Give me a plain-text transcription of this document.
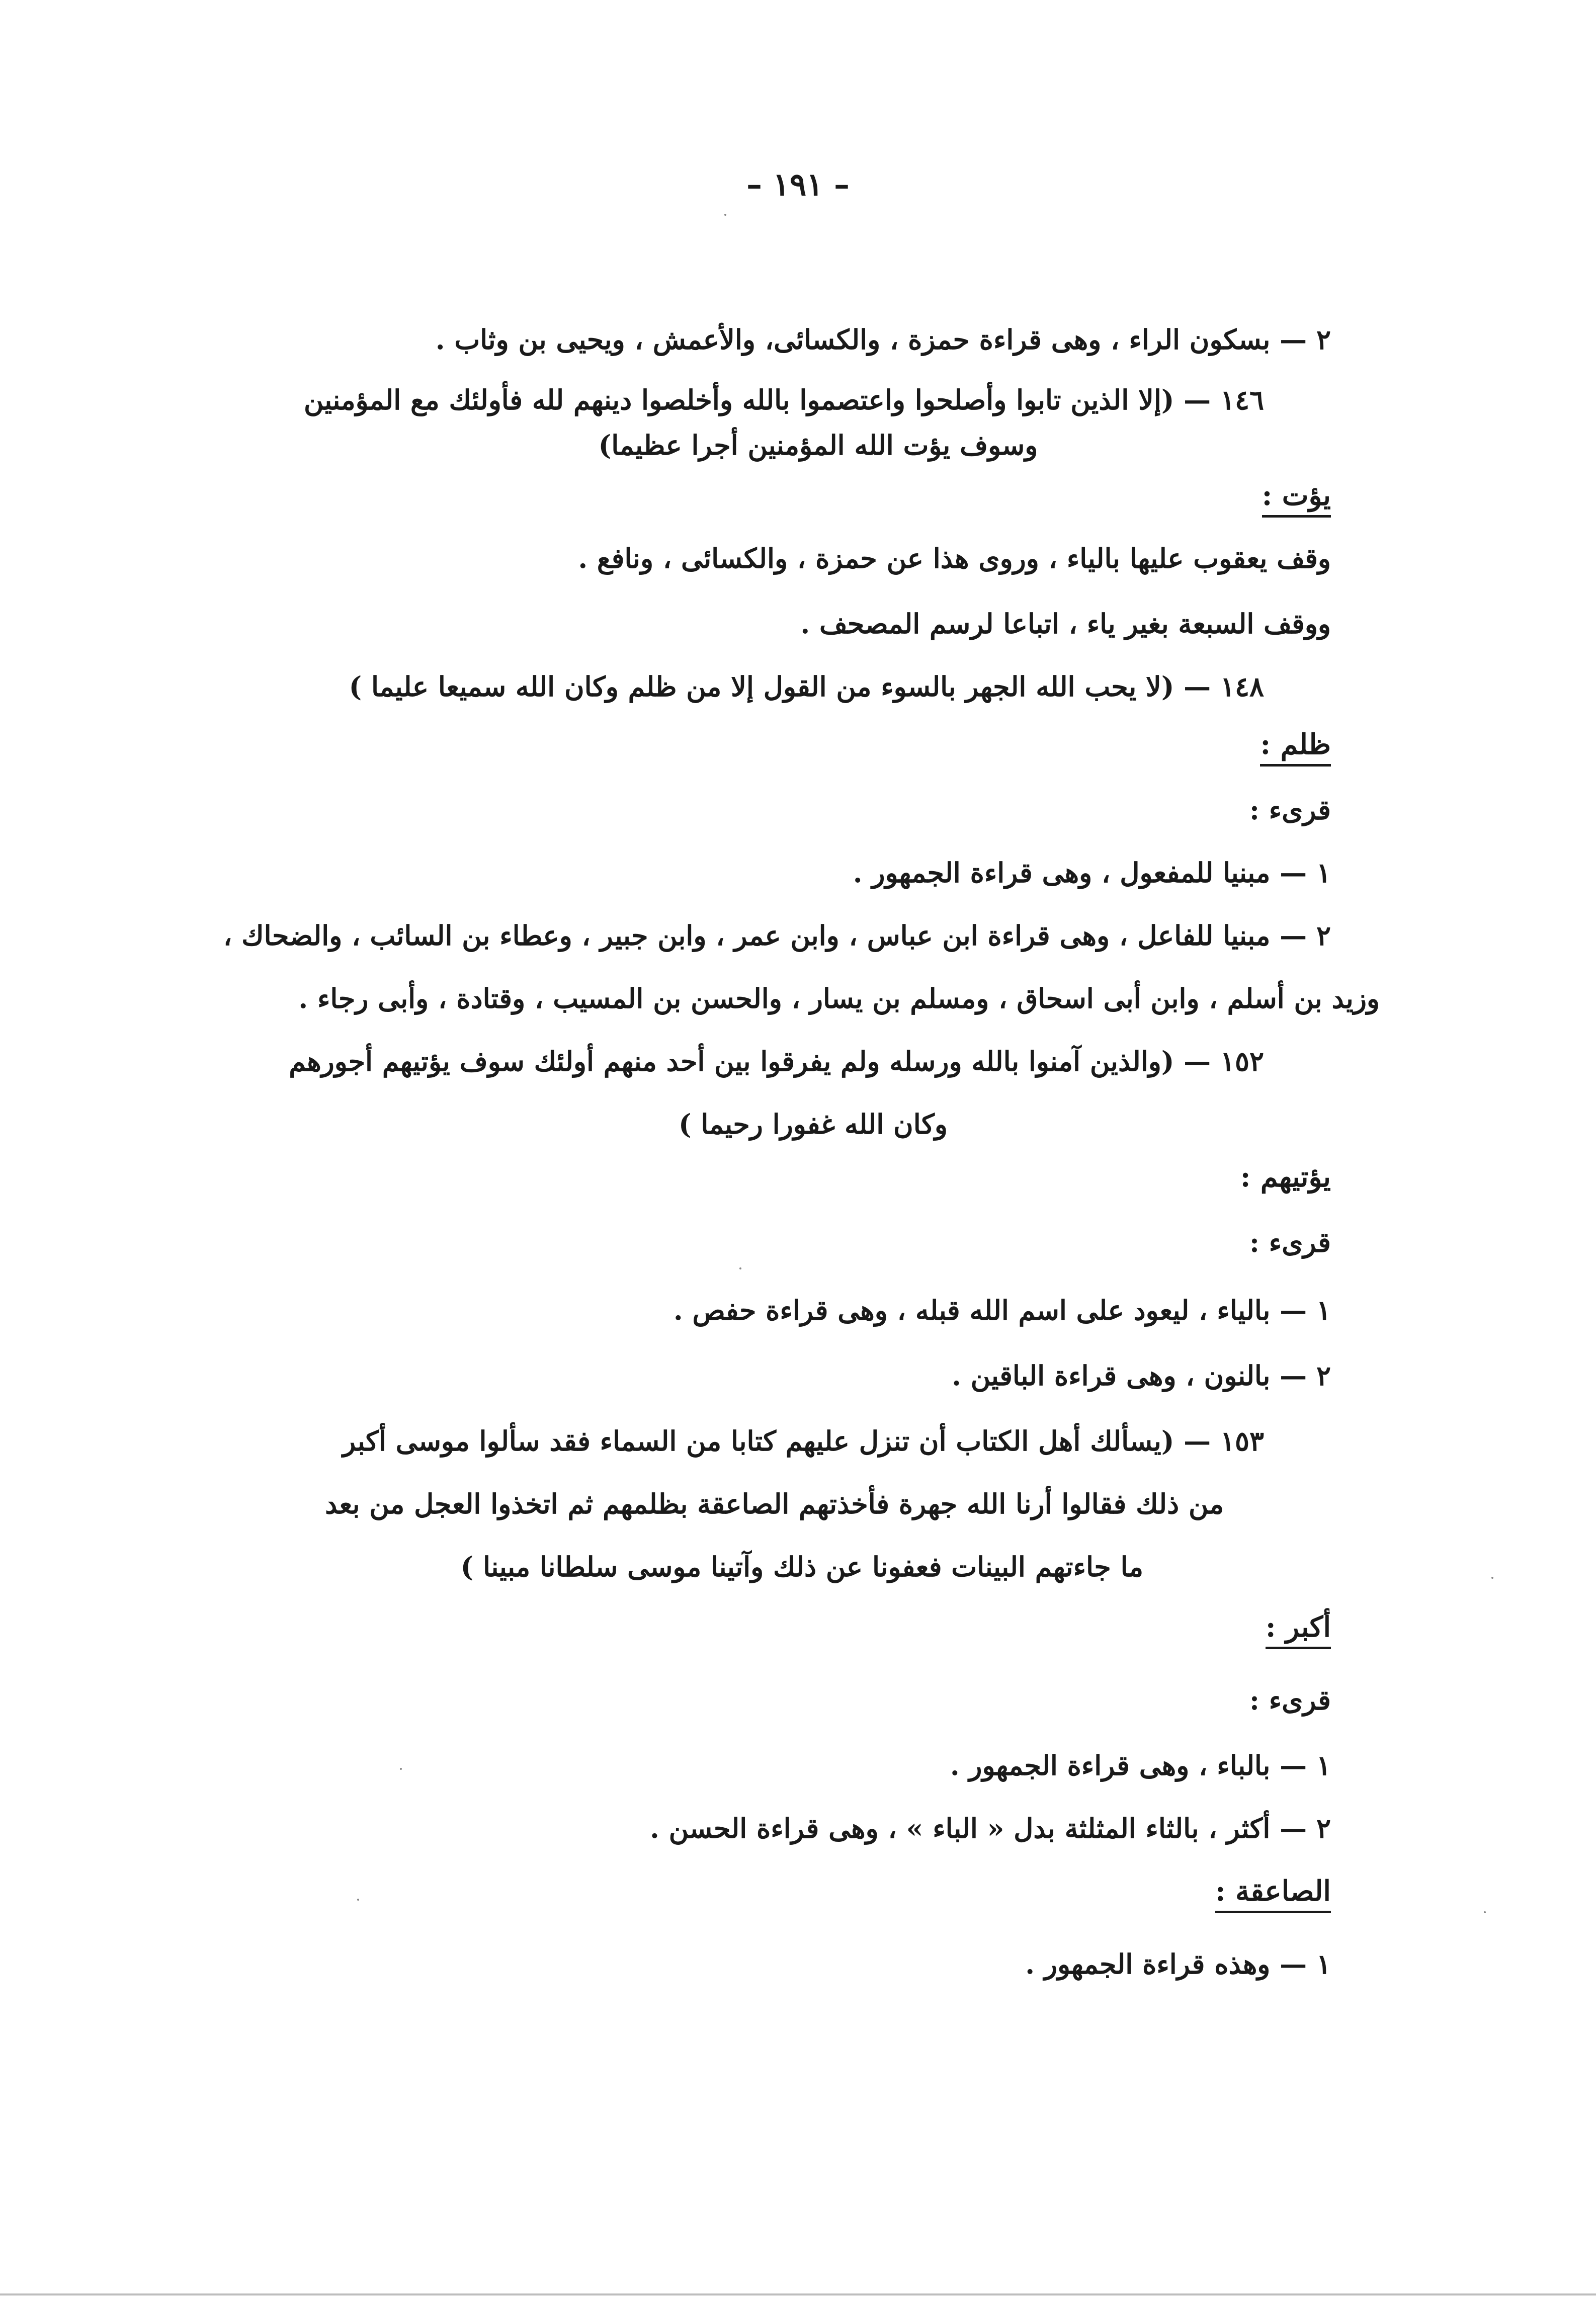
– ١٩١ –
٢ — بسكون الراء ، وهى قراءة حمزة ، والكسائى، والأعمش ، ويحيى بن وثاب .
١٤٦ — (إلا الذين تابوا وأصلحوا واعتصموا بالله وأخلصوا دينهم لله فأولئك مع المؤمنين
وسوف يؤت الله المؤمنين أجرا عظيما)
يؤت :
وقف يعقوب عليها بالياء ، وروى هذا عن حمزة ، والكسائى ، ونافع .
ووقف السبعة بغير ياء ، اتباعا لرسم المصحف .
١٤٨ — (لا يحب الله الجهر بالسوء من القول إلا من ظلم وكان الله سميعا عليما )
ظلم :
قرىء :
١ — مبنيا للمفعول ، وهى قراءة الجمهور .
٢ — مبنيا للفاعل ، وهى قراءة ابن عباس ، وابن عمر ، وابن جبير ، وعطاء بن السائب ، والضحاك ،
وزيد بن أسلم ، وابن أبى اسحاق ، ومسلم بن يسار ، والحسن بن المسيب ، وقتادة ، وأبى رجاء .
١٥٢ — (والذين آمنوا بالله ورسله ولم يفرقوا بين أحد منهم أولئك سوف يؤتيهم أجورهم
وكان الله غفورا رحيما )
يؤتيهم :
قرىء :
١ — بالياء ، ليعود على اسم الله قبله ، وهى قراءة حفص .
٢ — بالنون ، وهى قراءة الباقين .
١٥٣ — (يسألك أهل الكتاب أن تنزل عليهم كتابا من السماء فقد سألوا موسى أكبر
من ذلك فقالوا أرنا الله جهرة فأخذتهم الصاعقة بظلمهم ثم اتخذوا العجل من بعد
ما جاءتهم البينات فعفونا عن ذلك وآتينا موسى سلطانا مبينا )
أكبر :
قرىء :
١ — بالباء ، وهى قراءة الجمهور .
٢ — أكثر ، بالثاء المثلثة بدل « الباء » ، وهى قراءة الحسن .
الصاعقة :
١ — وهذه قراءة الجمهور .
